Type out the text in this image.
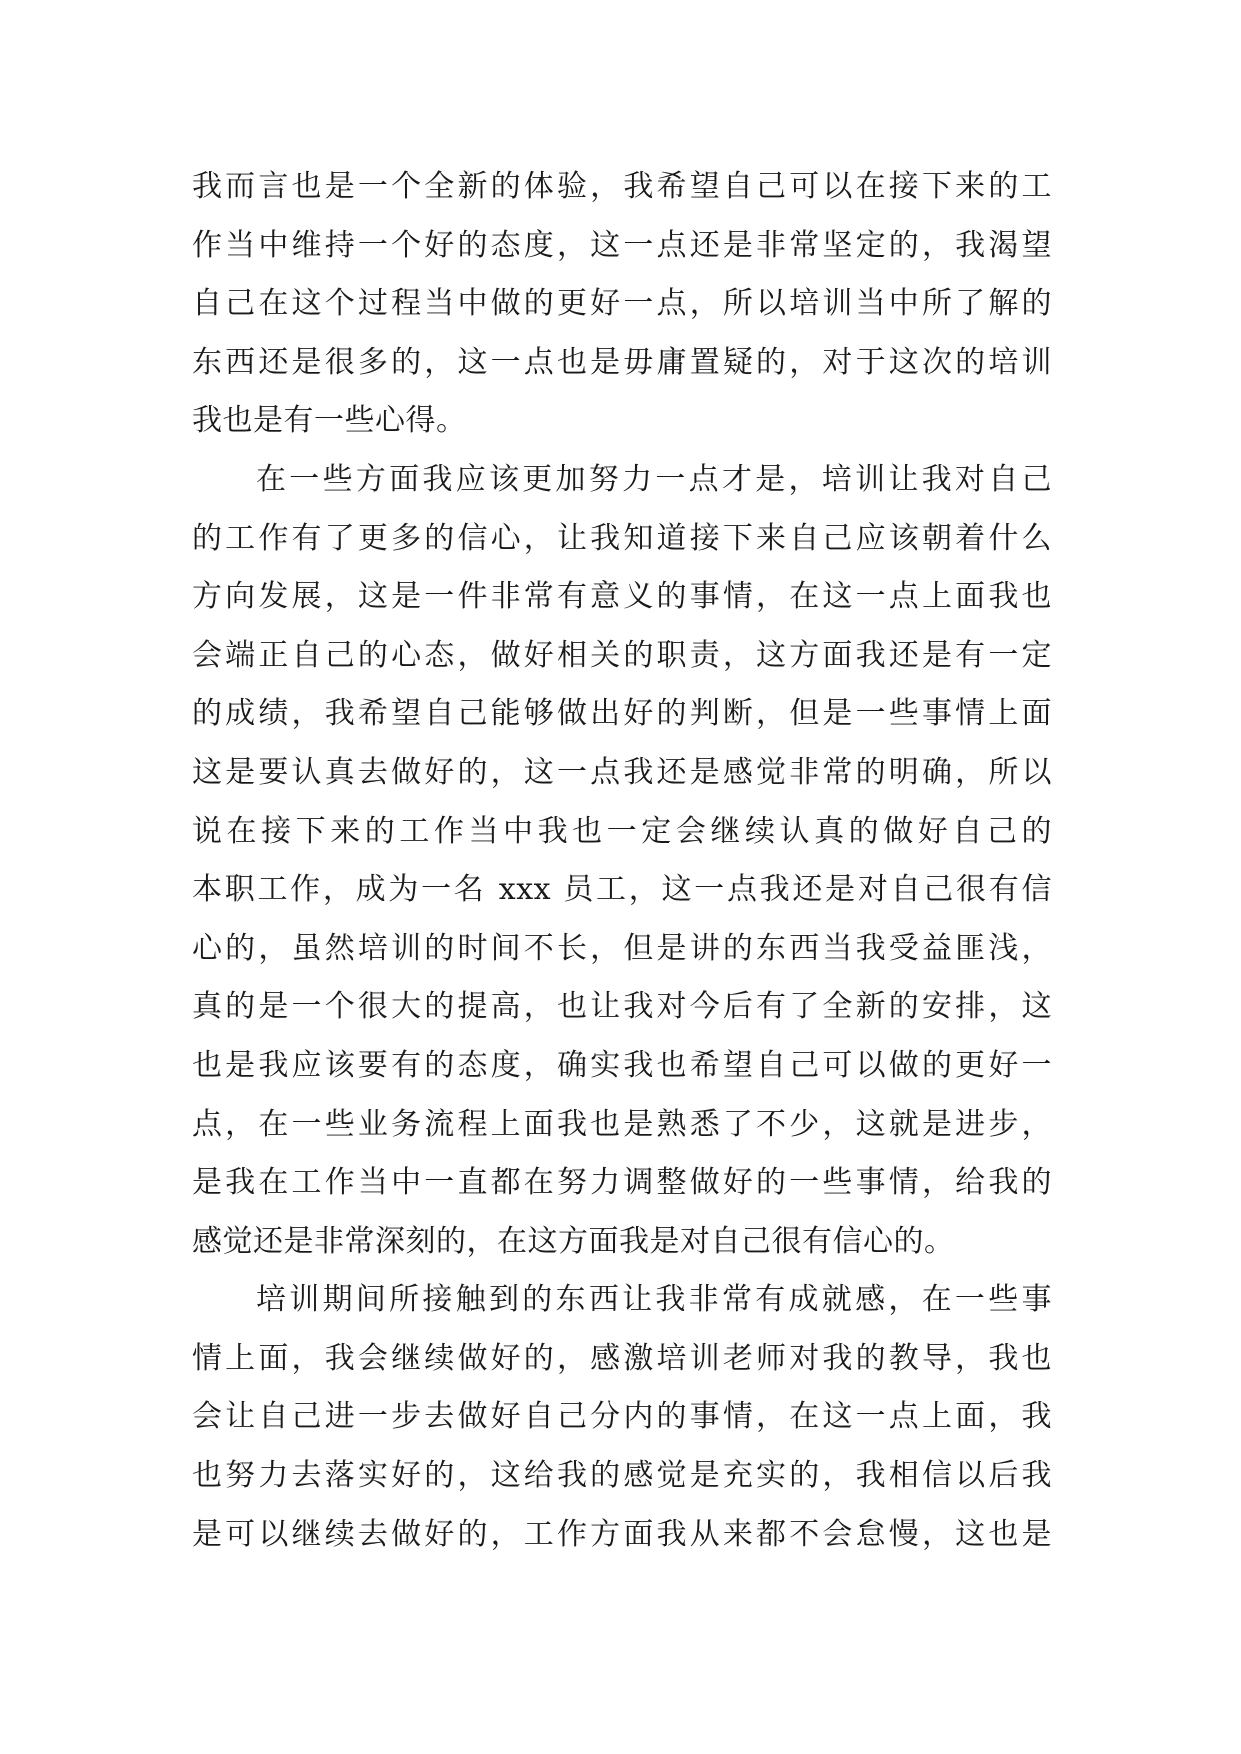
我而言也是一个全新的体验，我希望自己可以在接下来的工
作当中维持一个好的态度，这一点还是非常坚定的，我渴望
自己在这个过程当中做的更好一点，所以培训当中所了解的
东西还是很多的，这一点也是毋庸置疑的，对于这次的培训
我也是有一些心得。
在一些方面我应该更加努力一点才是，培训让我对自己
的工作有了更多的信心，让我知道接下来自己应该朝着什么
方向发展，这是一件非常有意义的事情，在这一点上面我也
会端正自己的心态，做好相关的职责，这方面我还是有一定
的成绩，我希望自己能够做出好的判断，但是一些事情上面
这是要认真去做好的，这一点我还是感觉非常的明确，所以
说在接下来的工作当中我也一定会继续认真的做好自己的
本职工作，成为一名 xxx 员工，这一点我还是对自己很有信
心的，虽然培训的时间不长，但是讲的东西当我受益匪浅，
真的是一个很大的提高，也让我对今后有了全新的安排，这
也是我应该要有的态度，确实我也希望自己可以做的更好一
点，在一些业务流程上面我也是熟悉了不少，这就是进步，
是我在工作当中一直都在努力调整做好的一些事情，给我的
感觉还是非常深刻的，在这方面我是对自己很有信心的。
培训期间所接触到的东西让我非常有成就感，在一些事
情上面，我会继续做好的，感激培训老师对我的教导，我也
会让自己进一步去做好自己分内的事情，在这一点上面，我
也努力去落实好的，这给我的感觉是充实的，我相信以后我
是可以继续去做好的，工作方面我从来都不会怠慢，这也是
